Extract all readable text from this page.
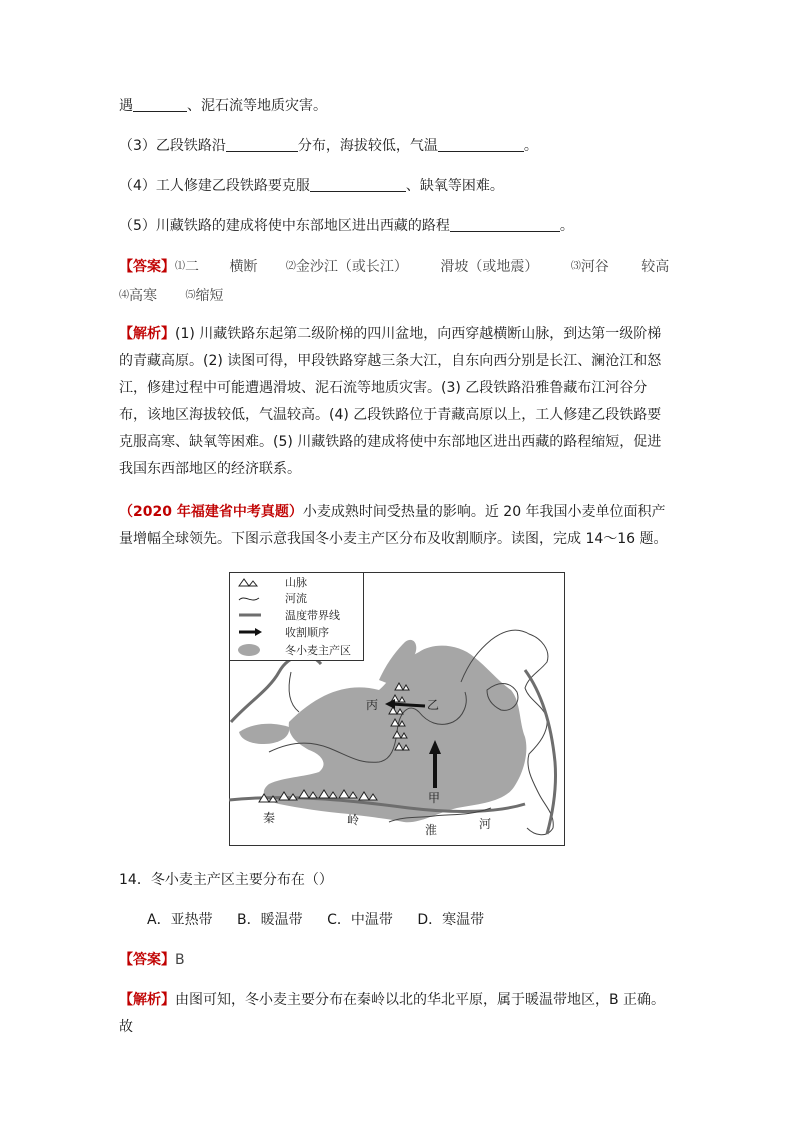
遇	、泥石流等地质灾害。
（3）乙段铁路沿	分布，海拔较低，气温	。
（4）工人修建乙段铁路要克服	、缺氧等困难。
（5）川藏铁路的建成将使中东部地区进出西藏的路程	。
【答案】⑴二 横断	⑵金沙江（或长江） 滑坡（或地震）	⑶河谷 较高
⑷高寒	⑸缩短
【解析】(1) 川藏铁路东起第二级阶梯的四川盆地，向西穿越横断山脉，到达第一级阶梯的青藏高原。(2) 读图可得，甲段铁路穿越三条大江，自东向西分别是长江、澜沧江和怒江，修建过程中可能遭遇滑坡、泥石流等地质灾害。(3) 乙段铁路沿雅鲁藏布江河谷分布，该地区海拔较低，气温较高。(4) 乙段铁路位于青藏高原以上，工人修建乙段铁路要克服高寒、缺氧等困难。(5) 川藏铁路的建成将使中东部地区进出西藏的路程缩短，促进我国东西部地区的经济联系。
（2020 年福建省中考真题）小麦成熟时间受热量的影响。近 20 年我国小麦单位面积产量增幅全球领先。下图示意我国冬小麦主产区分布及收割顺序。读图，完成 14～16 题。
丙	乙
甲
秦	岭
淮	河
山脉
河流
温度带界线
收割顺序
冬小麦主产区
14．冬小麦主产区主要分布在（）
A．亚热带 B．暖温带 C．中温带 D．寒温带
【答案】B
【解析】由图可知，冬小麦主要分布在秦岭以北的华北平原，属于暖温带地区，B 正确。故
